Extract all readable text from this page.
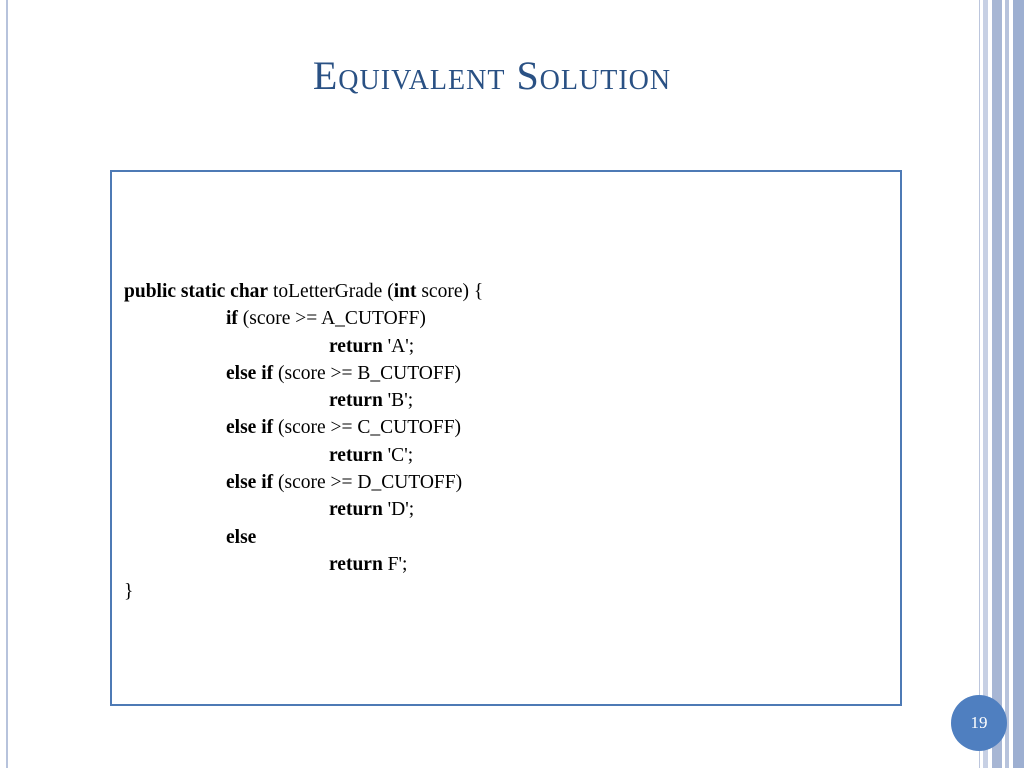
Equivalent Solution
public static char toLetterGrade (int score) {
if (score >= A_CUTOFF)
return 'A';
else if (score >= B_CUTOFF)
return 'B';
else if (score >= C_CUTOFF)
return 'C';
else if (score >= D_CUTOFF)
return 'D';
else
return F';
}
19
